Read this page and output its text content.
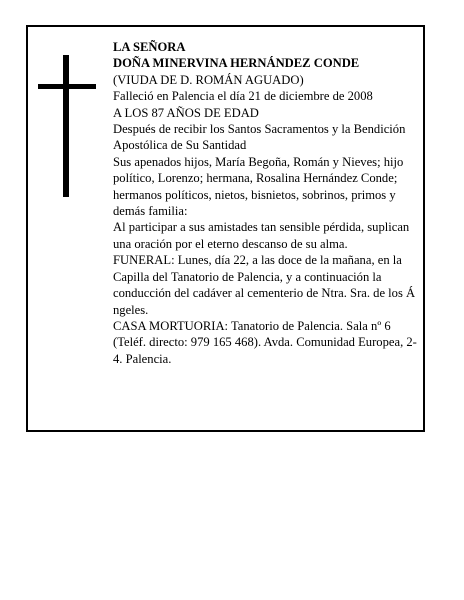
LA SEÑORA

DOÑA MINERVINA HERNÁNDEZ CONDE

(VIUDA DE D. ROMÁN AGUADO)

Falleció en Palencia el día 21 de diciembre de 2008

A LOS 87 AÑOS DE EDAD

Después de recibir los Santos Sacramentos y la Bendición Apostólica de Su Santidad

Sus apenados hijos, María Begoña, Román y Nieves; hijo político, Lorenzo; hermana, Rosalina Hernández Conde; hermanos políticos, nietos, bisnietos, sobrinos, primos y demás familia:

Al participar a sus amistades tan sensible pérdida, suplican una oración por el eterno descanso de su alma.

FUNERAL: Lunes, día 22, a las doce de la mañana, en la Capilla del Tanatorio de Palencia, y a continuación la conducción del cadáver al cementerio de Ntra. Sra. de los Á ngeles.

CASA MORTUORIA: Tanatorio de Palencia. Sala nº 6 (Teléf. directo: 979 165 468). Avda. Comunidad Europea, 2-4. Palencia.
